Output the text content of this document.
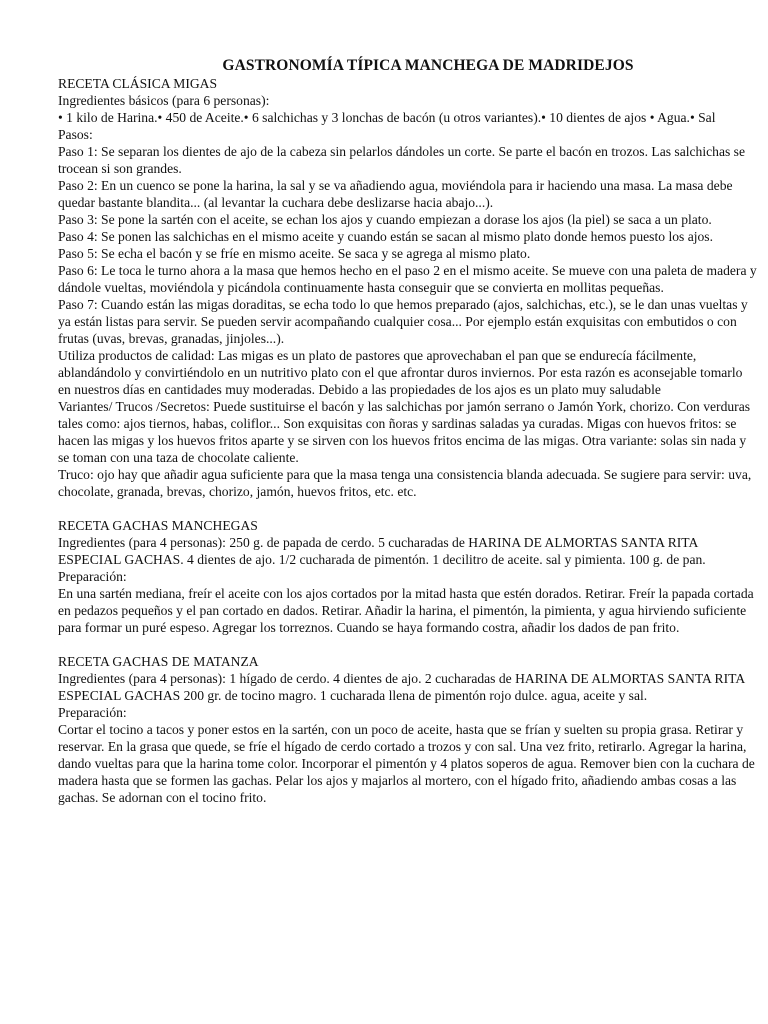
GASTRONOMÍA TÍPICA MANCHEGA DE MADRIDEJOS

RECETA CLÁSICA MIGAS

Ingredientes básicos (para 6 personas):

• 1 kilo de Harina.• 450 de Aceite.• 6 salchichas y 3 lonchas de bacón (u otros variantes).• 10 dientes de ajos • Agua.• Sal

Pasos:

Paso 1: Se separan los dientes de ajo de la cabeza sin pelarlos dándoles un corte. Se parte el bacón en trozos. Las salchichas se trocean si son grandes.

Paso 2: En un cuenco se pone la harina, la sal y se va añadiendo agua, moviéndola para ir haciendo una masa. La masa debe quedar bastante blandita... (al levantar la cuchara debe deslizarse hacia abajo...).

Paso 3: Se pone la sartén con el aceite, se echan los ajos y cuando empiezan a dorase los ajos (la piel) se saca a un plato.

Paso 4: Se ponen las salchichas en el mismo aceite y cuando están se sacan al mismo plato donde hemos puesto los ajos.

Paso 5: Se echa el bacón y se fríe en mismo aceite. Se saca y se agrega al mismo plato.

Paso 6: Le toca le turno ahora a la masa que hemos hecho en el paso 2 en el mismo aceite. Se mueve con una paleta de madera y dándole vueltas, moviéndola y picándola continuamente hasta conseguir que se convierta en mollitas pequeñas.

Paso 7: Cuando están las migas doraditas, se echa todo lo que hemos preparado (ajos, salchichas, etc.), se le dan unas vueltas y ya están listas para servir. Se pueden servir acompañando cualquier cosa... Por ejemplo están exquisitas con embutidos o con frutas (uvas, brevas, granadas, jinjoles...).

Utiliza productos de calidad: Las migas es un plato de pastores que aprovechaban el pan que se endurecía fácilmente, ablandándolo y convirtiéndolo en un nutritivo plato con el que afrontar duros inviernos. Por esta razón es aconsejable tomarlo en nuestros días en cantidades muy moderadas. Debido a las propiedades de los ajos es un plato muy saludable

Variantes/ Trucos /Secretos: Puede sustituirse el bacón y las salchichas por jamón serrano o Jamón York, chorizo. Con verduras tales como: ajos tiernos, habas, coliflor... Son exquisitas con ñoras y sardinas saladas ya curadas. Migas con huevos fritos: se hacen las migas y los huevos fritos aparte y se sirven con los huevos fritos encima de las migas. Otra variante: solas sin nada y se toman con una taza de chocolate caliente.

Truco: ojo hay que añadir agua suficiente para que la masa tenga una consistencia blanda adecuada. Se sugiere para servir: uva, chocolate, granada, brevas, chorizo, jamón, huevos fritos, etc. etc.

RECETA GACHAS MANCHEGAS

Ingredientes (para 4 personas): 250 g. de papada de cerdo. 5 cucharadas de HARINA DE ALMORTAS SANTA RITA ESPECIAL GACHAS. 4 dientes de ajo. 1/2 cucharada de pimentón. 1 decilitro de aceite. sal y pimienta. 100 g. de pan.

Preparación:

En una sartén mediana, freír el aceite con los ajos cortados por la mitad hasta que estén dorados. Retirar. Freír la papada cortada en pedazos pequeños y el pan cortado en dados. Retirar. Añadir la harina, el pimentón, la pimienta, y agua hirviendo suficiente para formar un puré espeso. Agregar los torreznos. Cuando se haya formando costra, añadir los dados de pan frito.

RECETA GACHAS DE MATANZA

Ingredientes (para 4 personas): 1 hígado de cerdo. 4 dientes de ajo. 2 cucharadas de HARINA DE ALMORTAS SANTA RITA ESPECIAL GACHAS 200 gr. de tocino magro. 1 cucharada llena de pimentón rojo dulce. agua, aceite y sal.

Preparación:

Cortar el tocino a tacos y poner estos en la sartén, con un poco de aceite, hasta que se frían y suelten su propia grasa. Retirar y reservar. En la grasa que quede, se fríe el hígado de cerdo cortado a trozos y con sal. Una vez frito, retirarlo. Agregar la harina, dando vueltas para que la harina tome color. Incorporar el pimentón y 4 platos soperos de agua. Remover bien con la cuchara de madera hasta que se formen las gachas. Pelar los ajos y majarlos al mortero, con el hígado frito, añadiendo ambas cosas a las gachas. Se adornan con el tocino frito.
